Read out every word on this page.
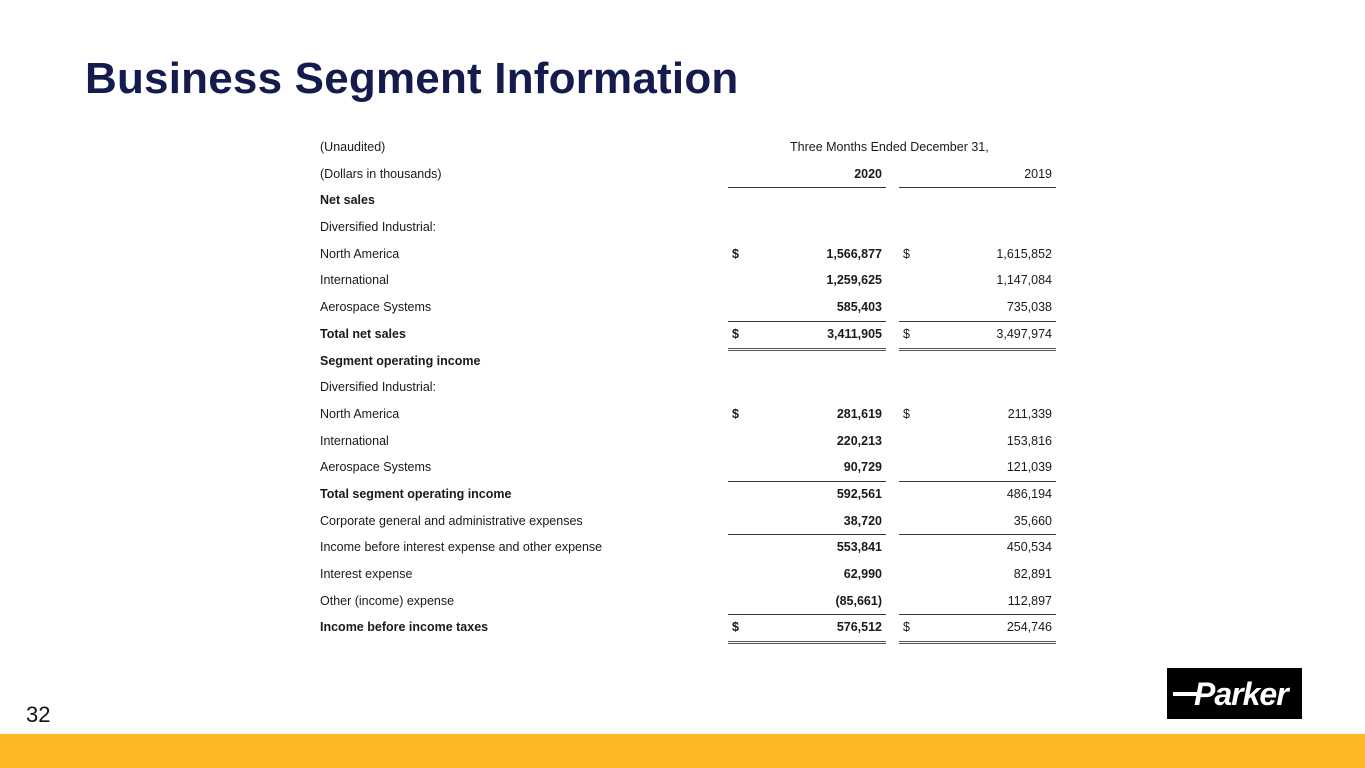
Business Segment Information
(Unaudited)	Three Months Ended December 31,
(Dollars in thousands)	2020	2019
Net sales
Diversified Industrial:
North America	$	1,566,877 $	1,615,852
International	1,259,625	1,147,084
Aerospace Systems	585,403	735,038
Total net sales	$	3,411,905 $	3,497,974
Segment operating income
Diversified Industrial:
North America	$	281,619 $	211,339
International	220,213	153,816
Aerospace Systems	90,729	121,039
Total segment operating income	592,561	486,194
Corporate general and administrative expenses	38,720	35,660
Income before interest expense and other expense	553,841	450,534
Interest expense	62,990	82,891
Other (income) expense	(85,661)	112,897
Income before income taxes	$	576,512 $	254,746
32
Parker
